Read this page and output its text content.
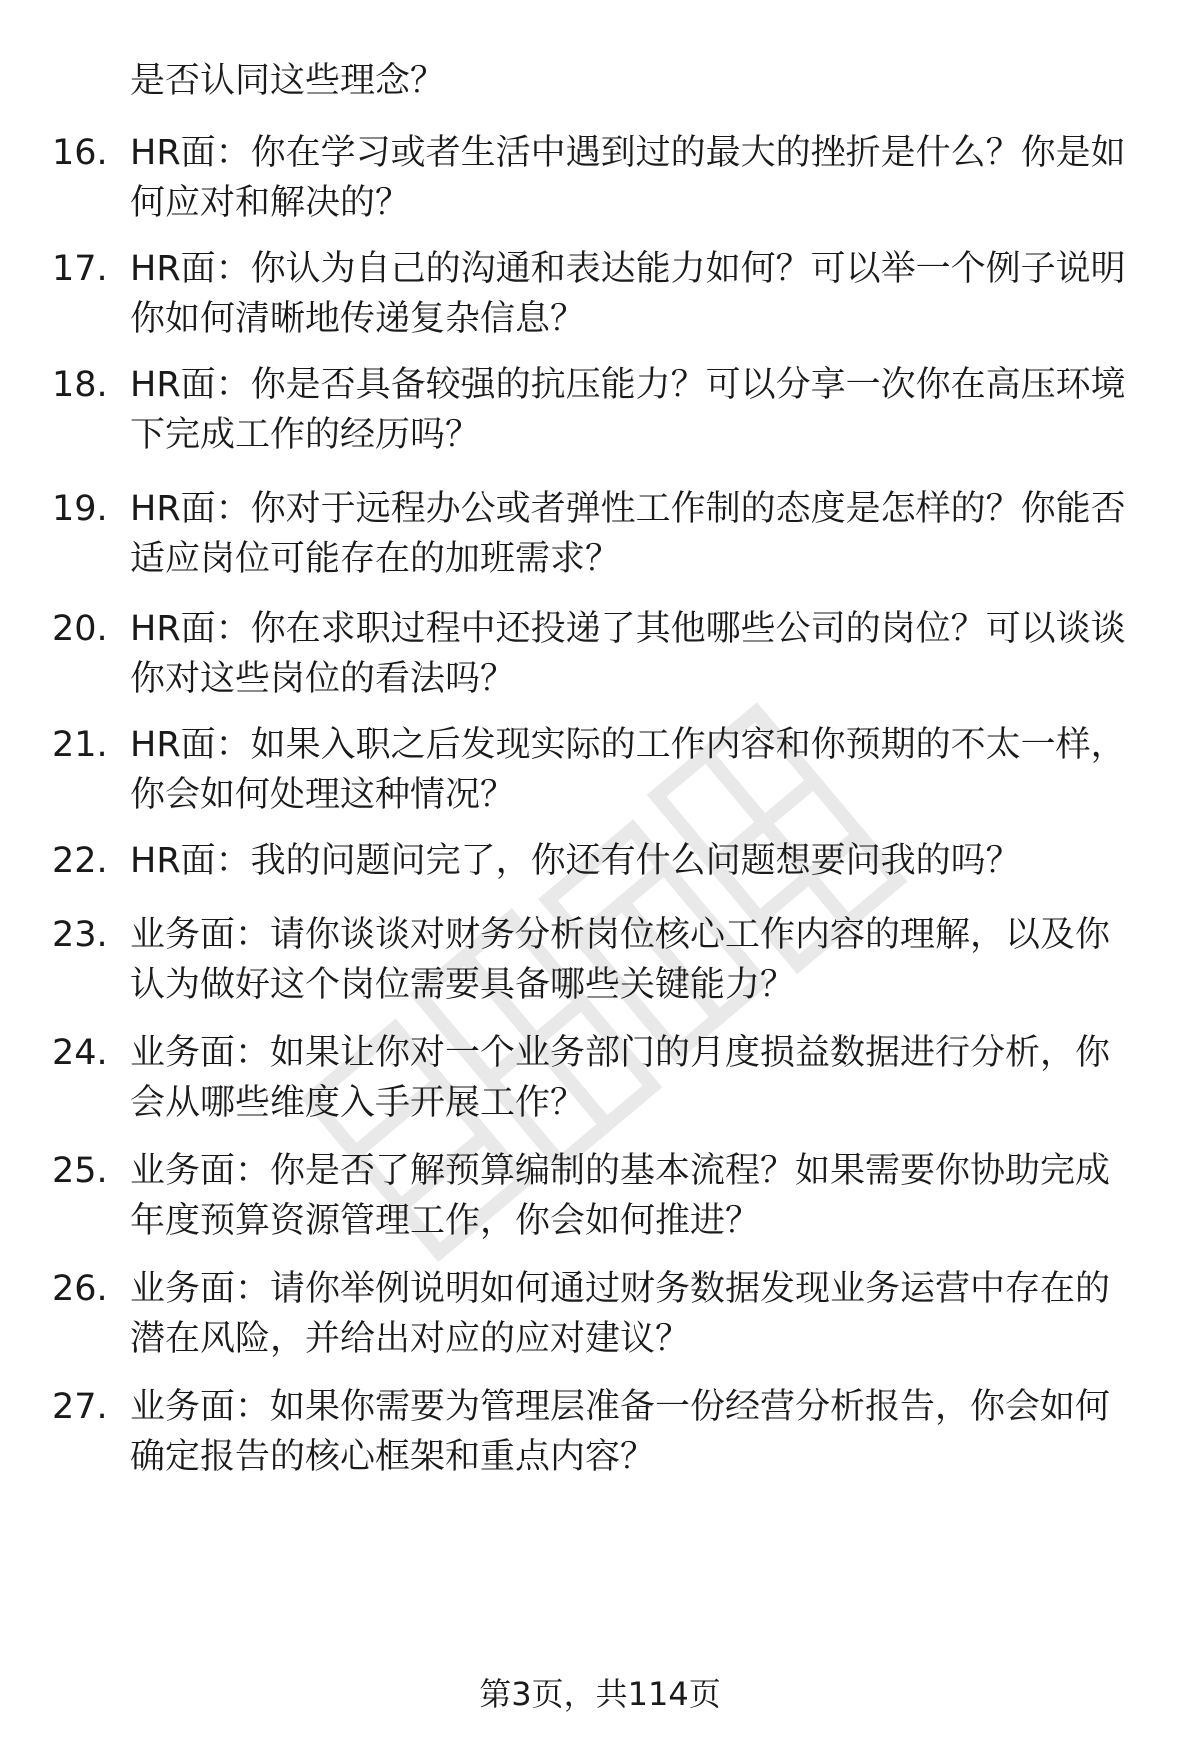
是否认同这些理念？
16. HR面：你在学习或者生活中遇到过的最大的挫折是什么？你是如
何应对和解决的？
17. HR面：你认为自己的沟通和表达能力如何？可以举一个例子说明
你如何清晰地传递复杂信息？
18. HR面：你是否具备较强的抗压能力？可以分享一次你在高压环境
下完成工作的经历吗？
19. HR面：你对于远程办公或者弹性工作制的态度是怎样的？你能否
适应岗位可能存在的加班需求？
20. HR面：你在求职过程中还投递了其他哪些公司的岗位？可以谈谈
你对这些岗位的看法吗？
21. HR面：如果入职之后发现实际的工作内容和你预期的不太一样，
你会如何处理这种情况？
22. HR面：我的问题问完了，你还有什么问题想要问我的吗？
23. 业务面：请你谈谈对财务分析岗位核心工作内容的理解，以及你
认为做好这个岗位需要具备哪些关键能力？
24. 业务面：如果让你对一个业务部门的月度损益数据进行分析，你
会从哪些维度入手开展工作？
25. 业务面：你是否了解预算编制的基本流程？如果需要你协助完成
年度预算资源管理工作，你会如何推进？
26. 业务面：请你举例说明如何通过财务数据发现业务运营中存在的
潜在风险，并给出对应的应对建议？
27. 业务面：如果你需要为管理层准备一份经营分析报告，你会如何
确定报告的核心框架和重点内容？
第3页，共114页
